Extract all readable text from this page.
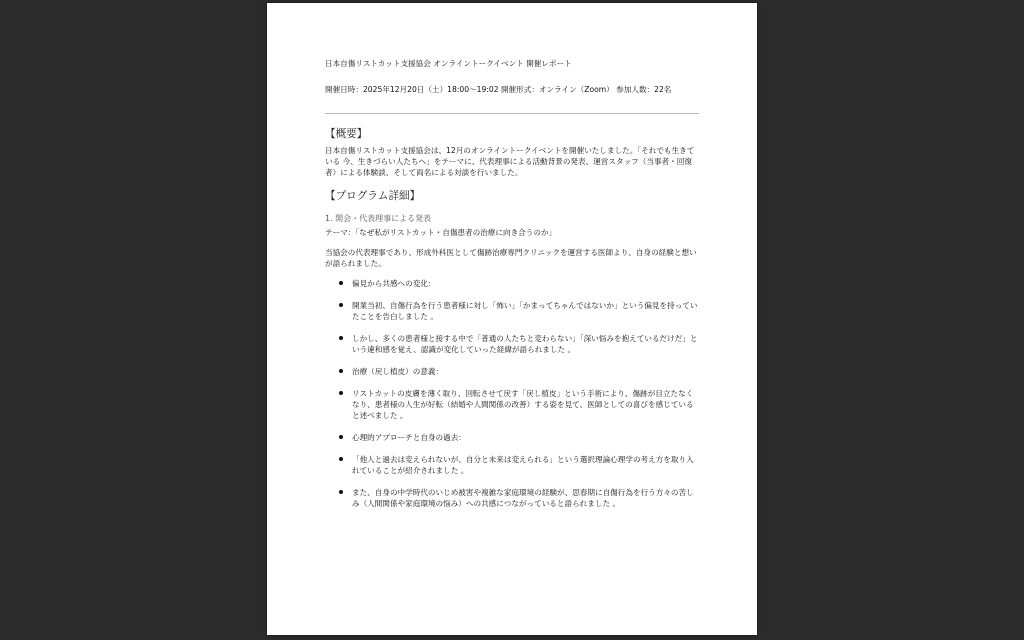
日本自傷リストカット支援協会 オンライントークイベント 開催レポート

開催日時：2025年12月20日（土）18:00〜19:02 開催形式：オンライン（Zoom） 参加人数：22名

【概要】

日本自傷リストカット支援協会は、12月のオンライントークイベントを開催いたしました。「それでも生きている 今、生きづらい人たちへ」をテーマに、代表理事による活動背景の発表、運営スタッフ（当事者・回復者）による体験談、そして両名による対談を行いました。

【プログラム詳細】

1. 開会・代表理事による発表

テーマ：「なぜ私がリストカット・自傷患者の治療に向き合うのか」

当協会の代表理事であり、形成外科医として傷跡治療専門クリニックを運営する医師より、自身の経験と想いが語られました。

偏見から共感への変化：
開業当初、自傷行為を行う患者様に対し「怖い」「かまってちゃんではないか」という偏見を持っていたことを告白しました 。
しかし、多くの患者様と接する中で「普通の人たちと変わらない」「深い悩みを抱えているだけだ」という違和感を覚え、認識が変化していった経緯が語られました 。
治療（戻し植皮）の意義：
リストカットの皮膚を薄く取り、回転させて戻す「戻し植皮」という手術により、傷跡が目立たなくなり、患者様の人生が好転（結婚や人間関係の改善）する姿を見て、医師としての喜びを感じていると述べました 。
心理的アプローチと自身の過去：
「他人と過去は変えられないが、自分と未来は変えられる」という選択理論心理学の考え方を取り入れていることが紹介されました 。
また、自身の中学時代のいじめ被害や複雑な家庭環境の経験が、思春期に自傷行為を行う方々の苦しみ（人間関係や家庭環境の悩み）への共感につながっていると語られました 。
